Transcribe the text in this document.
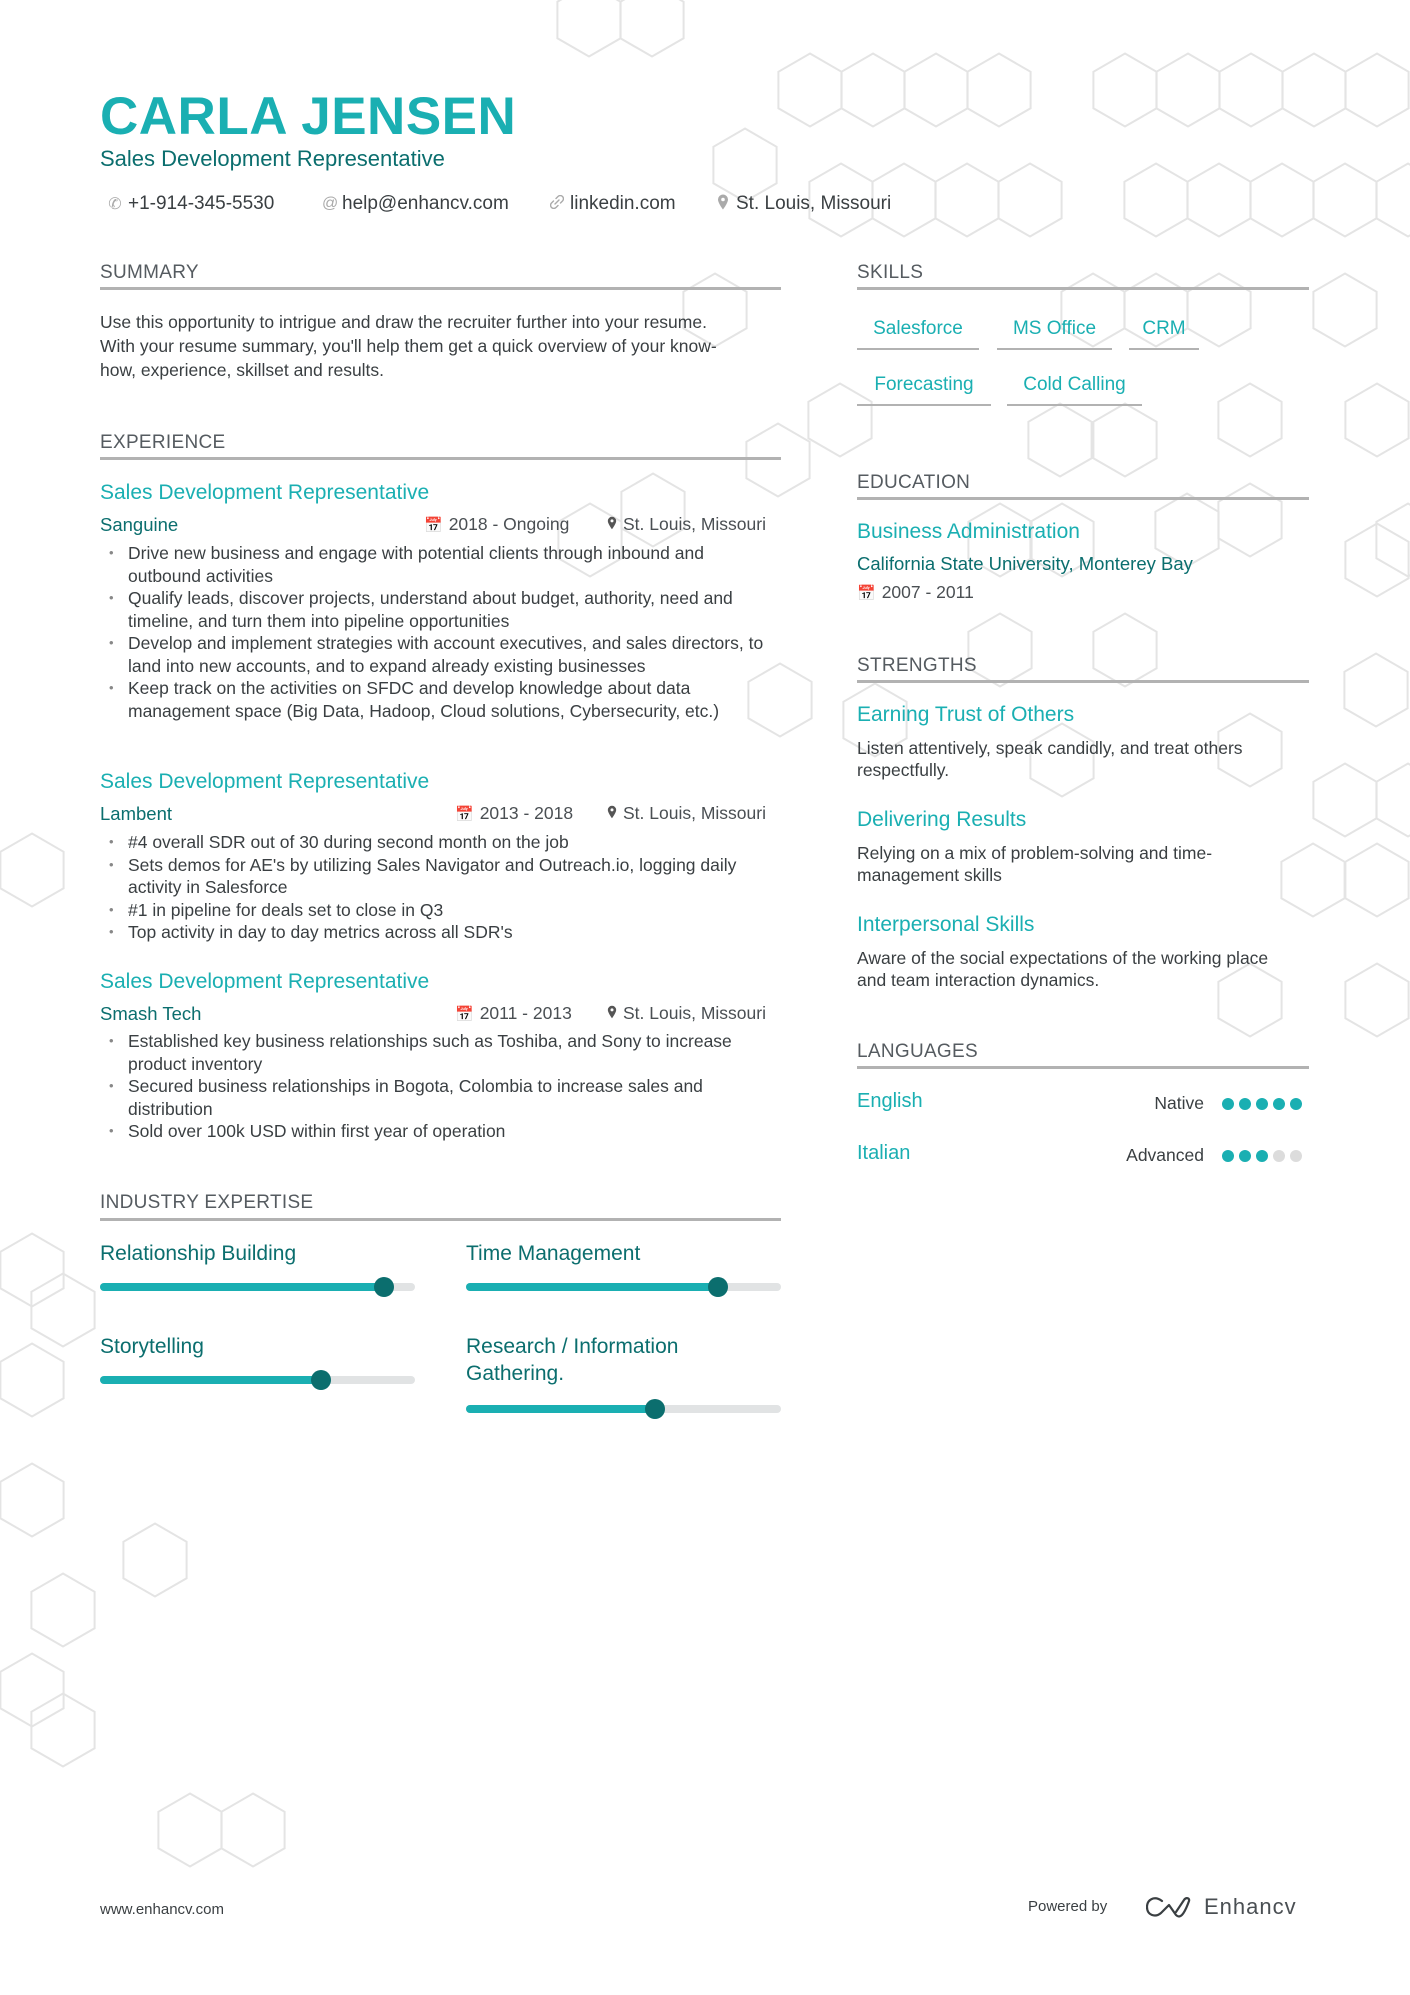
CARLA JENSEN
Sales Development Representative
✆ +1-914-345-5530	@ help@enhancv.com	linkedin.com	St. Louis, Missouri
SUMMARY
Use this opportunity to intrigue and draw the recruiter further into your resume.
With your resume summary, you'll help them get a quick overview of your know-
how, experience, skillset and results.
EXPERIENCE
Sales Development Representative
Sanguine	📅 2018 - Ongoing	St. Louis, Missouri
• Drive new business and engage with potential clients through inbound and outbound activities
• Qualify leads, discover projects, understand about budget, authority, need and timeline, and turn them into pipeline opportunities
• Develop and implement strategies with account executives, and sales directors, to land into new accounts, and to expand already existing businesses
• Keep track on the activities on SFDC and develop knowledge about data management space (Big Data, Hadoop, Cloud solutions, Cybersecurity, etc.)
Sales Development Representative
Lambent	📅 2013 - 2018	St. Louis, Missouri
• #4 overall SDR out of 30 during second month on the job
• Sets demos for AE's by utilizing Sales Navigator and Outreach.io, logging daily activity in Salesforce
• #1 in pipeline for deals set to close in Q3
• Top activity in day to day metrics across all SDR's
Sales Development Representative
Smash Tech	📅 2011 - 2013	St. Louis, Missouri
• Established key business relationships such as Toshiba, and Sony to increase product inventory
• Secured business relationships in Bogota, Colombia to increase sales and distribution
• Sold over 100k USD within first year of operation
INDUSTRY EXPERTISE
Relationship Building	Time Management
Storytelling	Research / Information Gathering.
SKILLS
Salesforce	MS Office	CRM
Forecasting	Cold Calling
EDUCATION
Business Administration
California State University, Monterey Bay
📅 2007 - 2011
STRENGTHS
Earning Trust of Others
Listen attentively, speak candidly, and treat others respectfully.
Delivering Results
Relying on a mix of problem-solving and time-management skills
Interpersonal Skills
Aware of the social expectations of the working place and team interaction dynamics.
LANGUAGES
English	Native
Italian	Advanced
www.enhancv.com	Powered by	Enhancv
